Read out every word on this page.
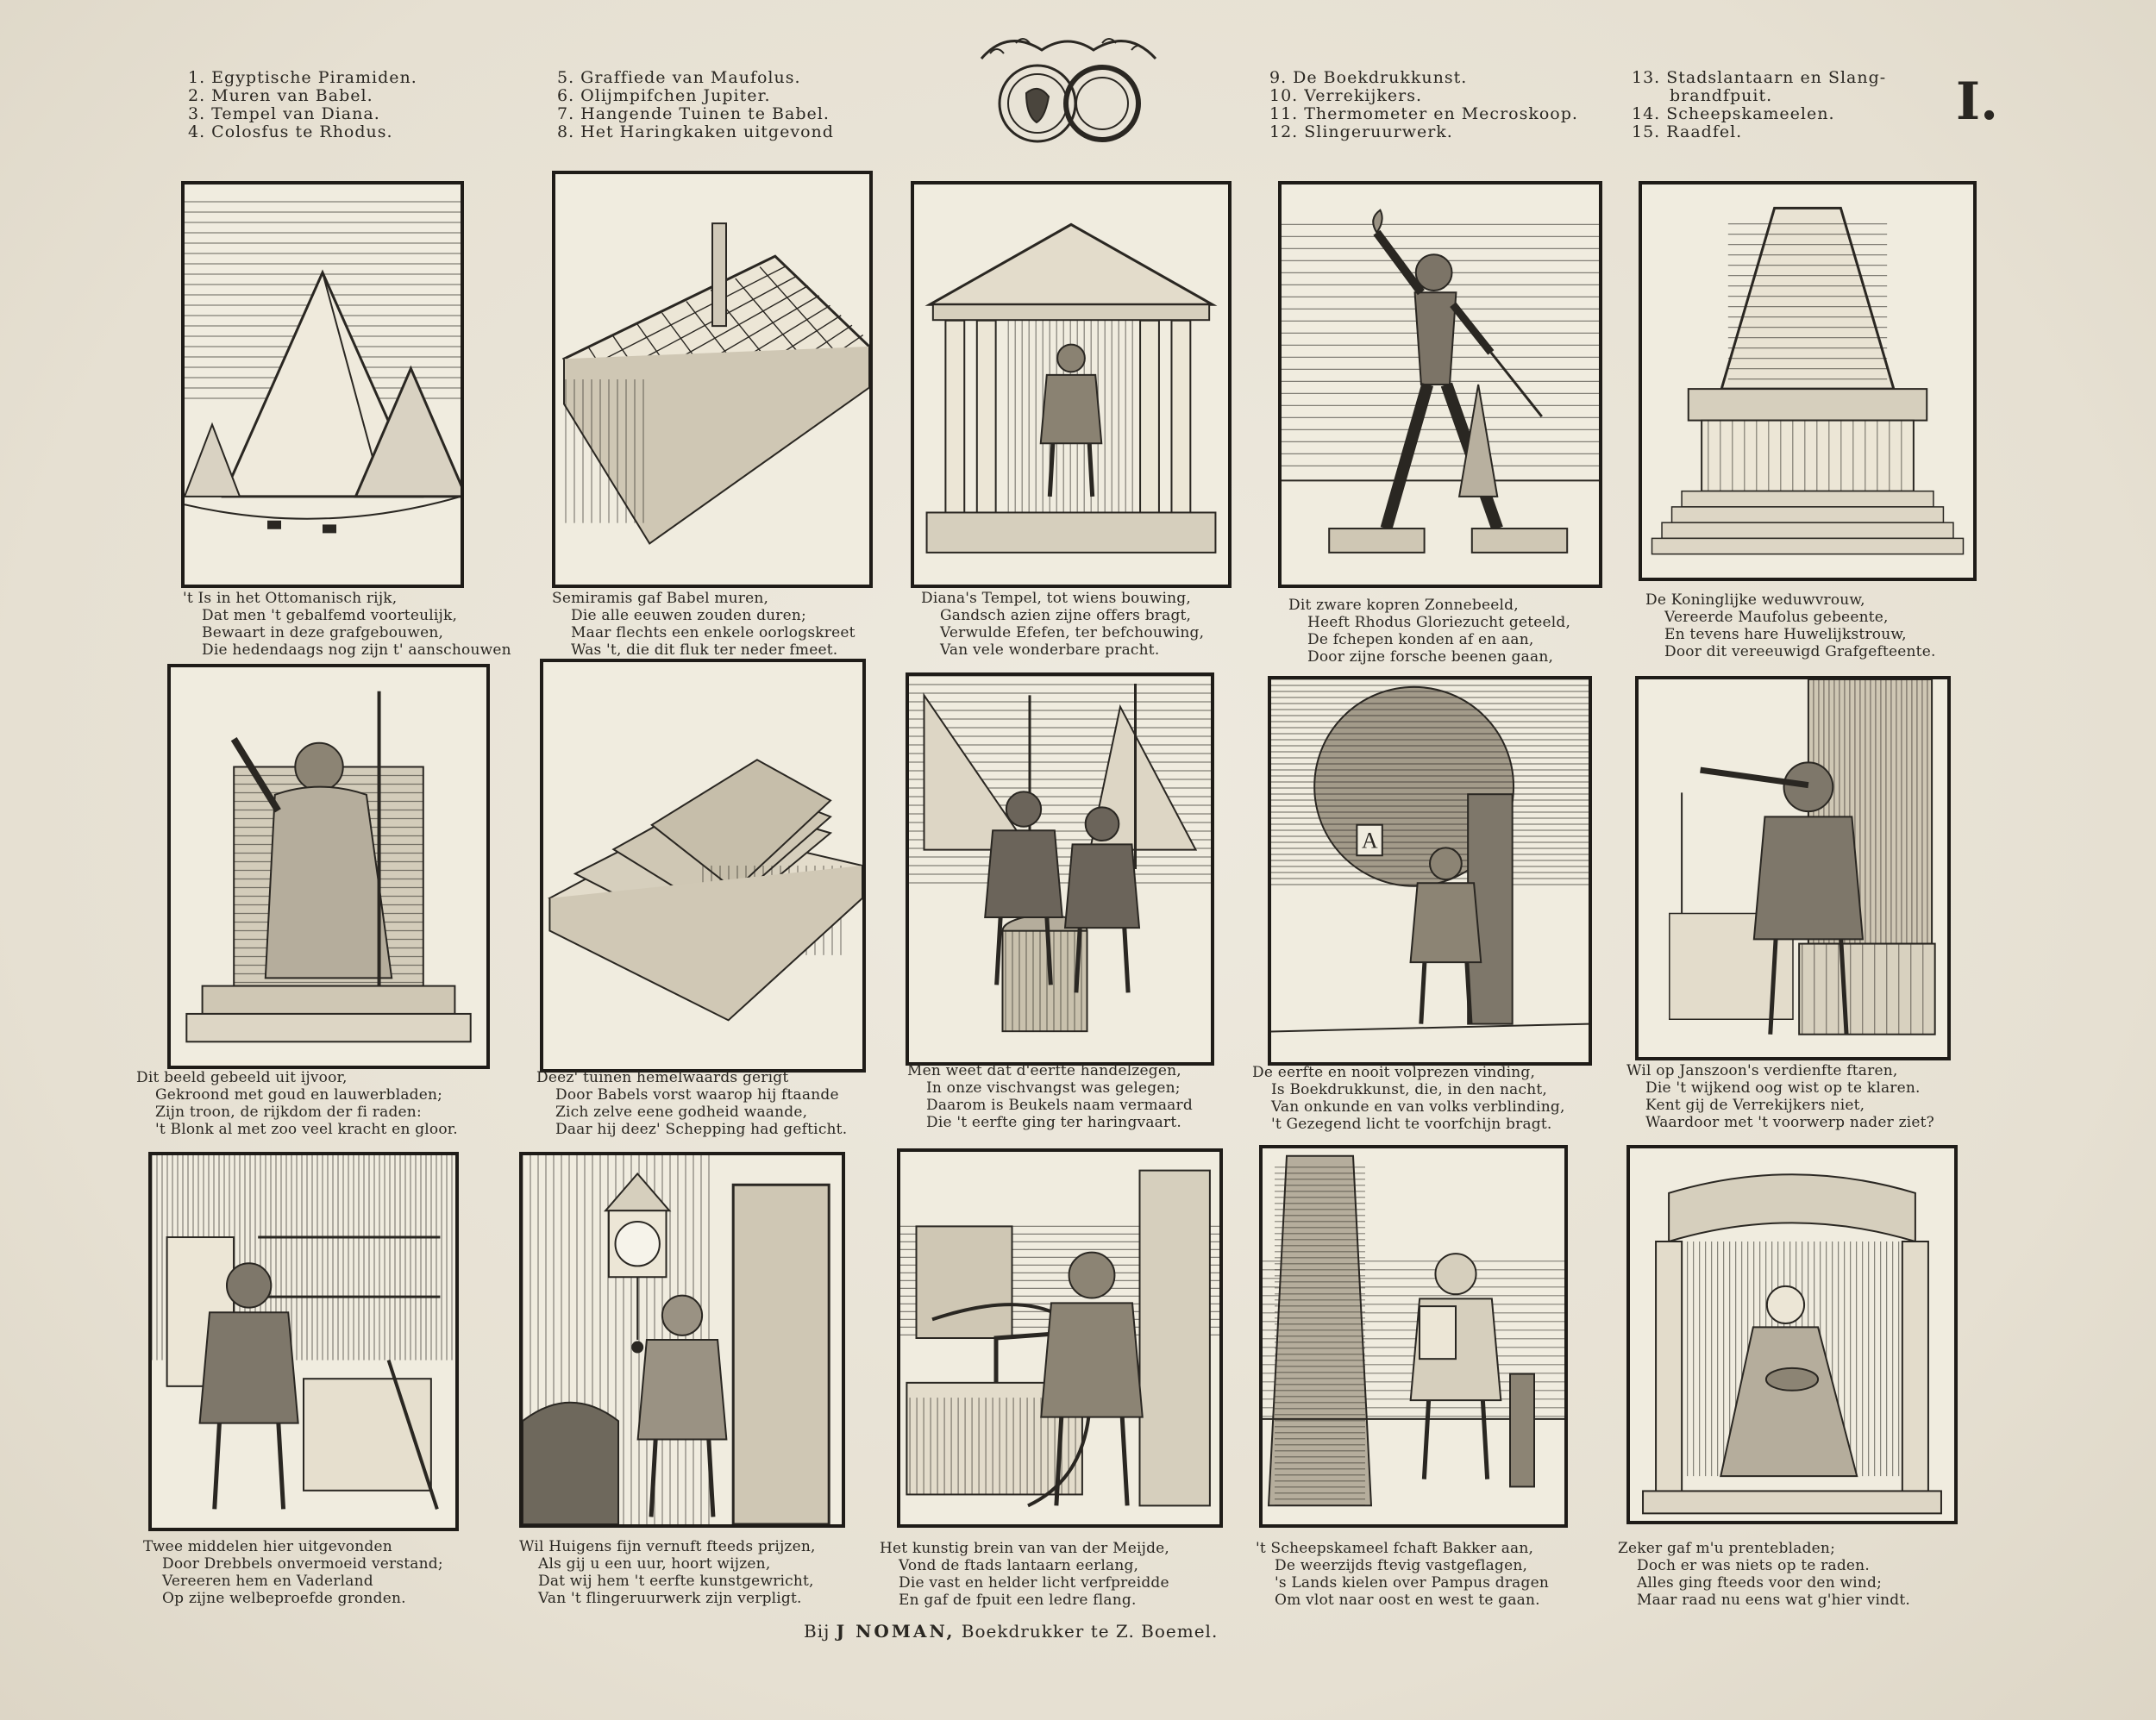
1. Egyptische Piramiden.
2. Muren van Babel.
3. Tempel van Diana.
4. Colosfus te Rhodus.
5. Graffiede van Maufolus.
6. Olijmpifchen Jupiter.
7. Hangende Tuinen te Babel.
8. Het Haringkaken uitgevond
9. De Boekdrukkunst.
10. Verrekijkers.
11. Thermometer en Mecroskoop.
12. Slingeruurwerk.
13. Stadslantaarn en Slang-
brandfpuit.
14. Scheepskameelen.
15. Raadfel.	I.
't Is in het Ottomanisch rijk,
Dat men 't gebalfemd voorteulijk,
Bewaart in deze grafgebouwen,
Die hedendaags nog zijn t' aanschouwen
Semiramis gaf Babel muren,
Die alle eeuwen zouden duren;
Maar flechts een enkele oorlogskreet
Was 't, die dit fluk ter neder fmeet.
Diana's Tempel, tot wiens bouwing,
Gandsch azien zijne offers bragt,
Verwulde Efefen, ter befchouwing,
Van vele wonderbare pracht.
Dit zware kopren Zonnebeeld,
Heeft Rhodus Gloriezucht geteeld,
De fchepen konden af en aan,
Door zijne forsche beenen gaan,
De Koninglijke weduwvrouw,
Vereerde Maufolus gebeente,
En tevens hare Huwelijkstrouw,
Door dit vereeuwigd Grafgefteente.
Dit beeld gebeeld uit ijvoor,
Gekroond met goud en lauwerbladen;
Zijn troon, de rijkdom der fi raden:
't Blonk al met zoo veel kracht en gloor.
Deez' tuinen hemelwaards gerigt
Door Babels vorst waarop hij ftaande
Zich zelve eene godheid waande,
Daar hij deez' Schepping had gefticht.
Men weet dat d'eerfte handelzegen,
In onze vischvangst was gelegen;
Daarom is Beukels naam vermaard
Die 't eerfte ging ter haringvaart.
A
De eerfte en nooit volprezen vinding,
Is Boekdrukkunst, die, in den nacht,
Van onkunde en van volks verblinding,
't Gezegend licht te voorfchijn bragt.
Wil op Janszoon's verdienfte ftaren,
Die 't wijkend oog wist op te klaren.
Kent gij de Verrekijkers niet,
Waardoor met 't voorwerp nader ziet?
Twee middelen hier uitgevonden
Door Drebbels onvermoeid verstand;
Vereeren hem en Vaderland
Op zijne welbeproefde gronden.
Wil Huigens fijn vernuft fteeds prijzen,
Als gij u een uur, hoort wijzen,
Dat wij hem 't eerfte kunstgewricht,
Van 't flingeruurwerk zijn verpligt.
Het kunstig brein van van der Meijde,
Vond de ftads lantaarn eerlang,
Die vast en helder licht verfpreidde
En gaf de fpuit een ledre flang.
't Scheepskameel fchaft Bakker aan,
De weerzijds ftevig vastgeflagen,
's Lands kielen over Pampus dragen
Om vlot naar oost en west te gaan.
Zeker gaf m'u prentebladen;
Doch er was niets op te raden.
Alles ging fteeds voor den wind;
Maar raad nu eens wat g'hier vindt.
Bij J NOMAN, Boekdrukker te Z. Boemel.
